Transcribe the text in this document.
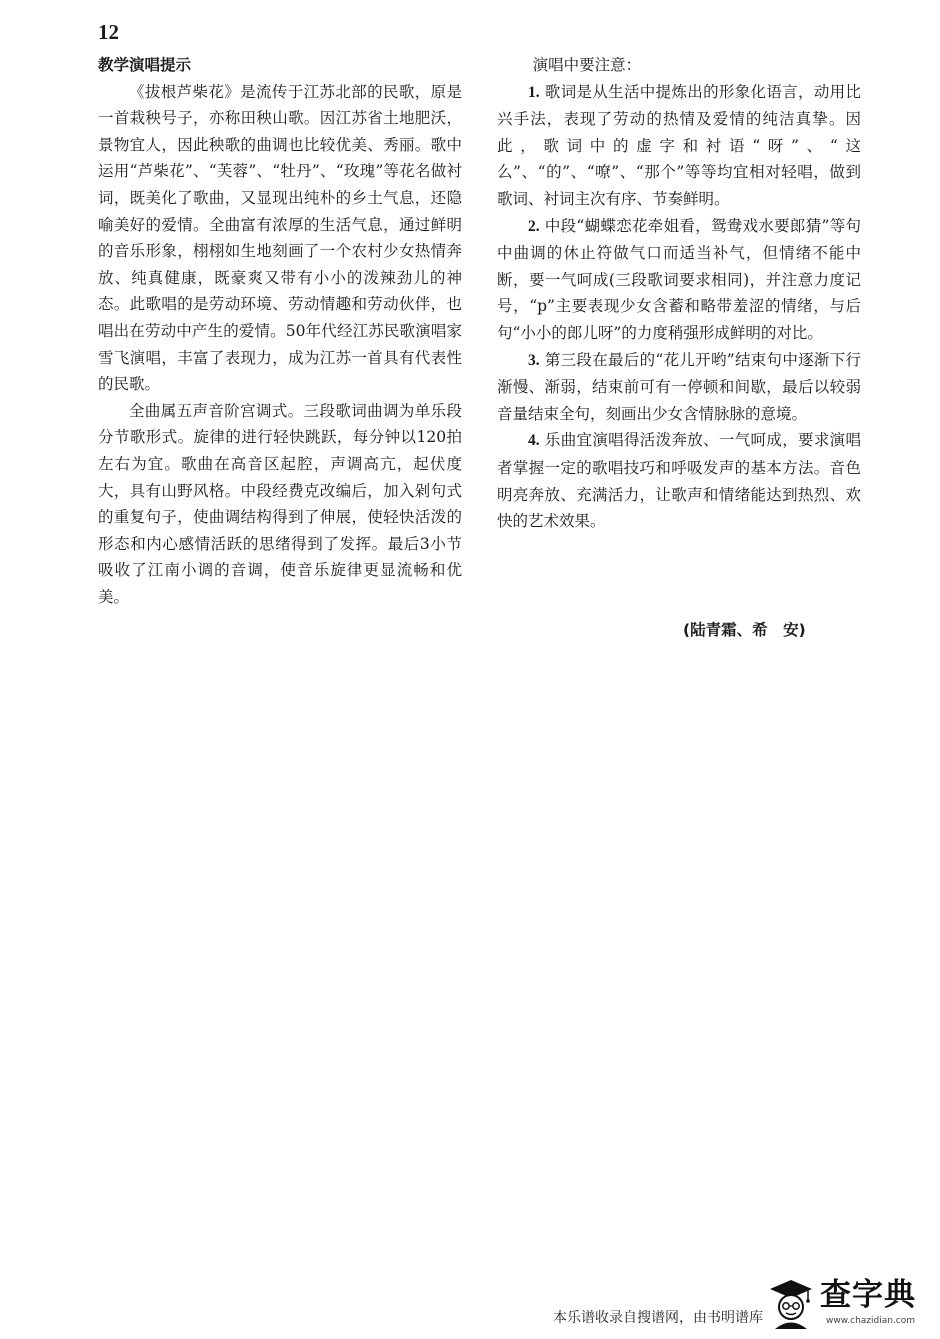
12

教学演唱提示

《拔根芦柴花》是流传于江苏北部的民歌，原是一首栽秧号子，亦称田秧山歌。因江苏省土地肥沃，景物宜人，因此秧歌的曲调也比较优美、秀丽。歌中运用“芦柴花”、“芙蓉”、“牡丹”、“玫瑰”等花名做衬词，既美化了歌曲，又显现出纯朴的乡土气息，还隐喻美好的爱情。全曲富有浓厚的生活气息，通过鲜明的音乐形象，栩栩如生地刻画了一个农村少女热情奔放、纯真健康，既豪爽又带有小小的泼辣劲儿的神态。此歌唱的是劳动环境、劳动情趣和劳动伙伴，也唱出在劳动中产生的爱情。50年代经江苏民歌演唱家雪飞演唱，丰富了表现力，成为江苏一首具有代表性的民歌。

全曲属五声音阶宫调式。三段歌词曲调为单乐段分节歌形式。旋律的进行轻快跳跃，每分钟以120拍左右为宜。歌曲在高音区起腔，声调高亢，起伏度大，具有山野风格。中段经费克改编后，加入剁句式的重复句子，使曲调结构得到了伸展，使轻快活泼的形态和内心感情活跃的思绪得到了发挥。最后3小节吸收了江南小调的音调，使音乐旋律更显流畅和优美。

演唱中要注意：

1. 歌词是从生活中提炼出的形象化语言，动用比兴手法，表现了劳动的热情及爱情的纯洁真挚。因此，歌词中的虚字和衬语“呀”、“这么”、“的”、“嘹”、“那个”等等均宜相对轻唱，做到歌词、衬词主次有序、节奏鲜明。

2. 中段“蝴蝶恋花牵姐看，鸳鸯戏水要郎猜”等句中曲调的休止符做气口而适当补气，但情绪不能中断，要一气呵成(三段歌词要求相同)，并注意力度记号，“p”主要表现少女含蓄和略带羞涩的情绪，与后句“小小的郎儿呀”的力度稍强形成鲜明的对比。

3. 第三段在最后的“花儿开哟”结束句中逐渐下行渐慢、渐弱，结束前可有一停顿和间歇，最后以较弱音量结束全句，刻画出少女含情脉脉的意境。

4. 乐曲宜演唱得活泼奔放、一气呵成，要求演唱者掌握一定的歌唱技巧和呼吸发声的基本方法。音色明亮奔放、充满活力，让歌声和情绪能达到热烈、欢快的艺术效果。

(陆青霜、希　安)
本乐谱收录自搜谱网，由书明谱库
查字典
www.chazidian.com
